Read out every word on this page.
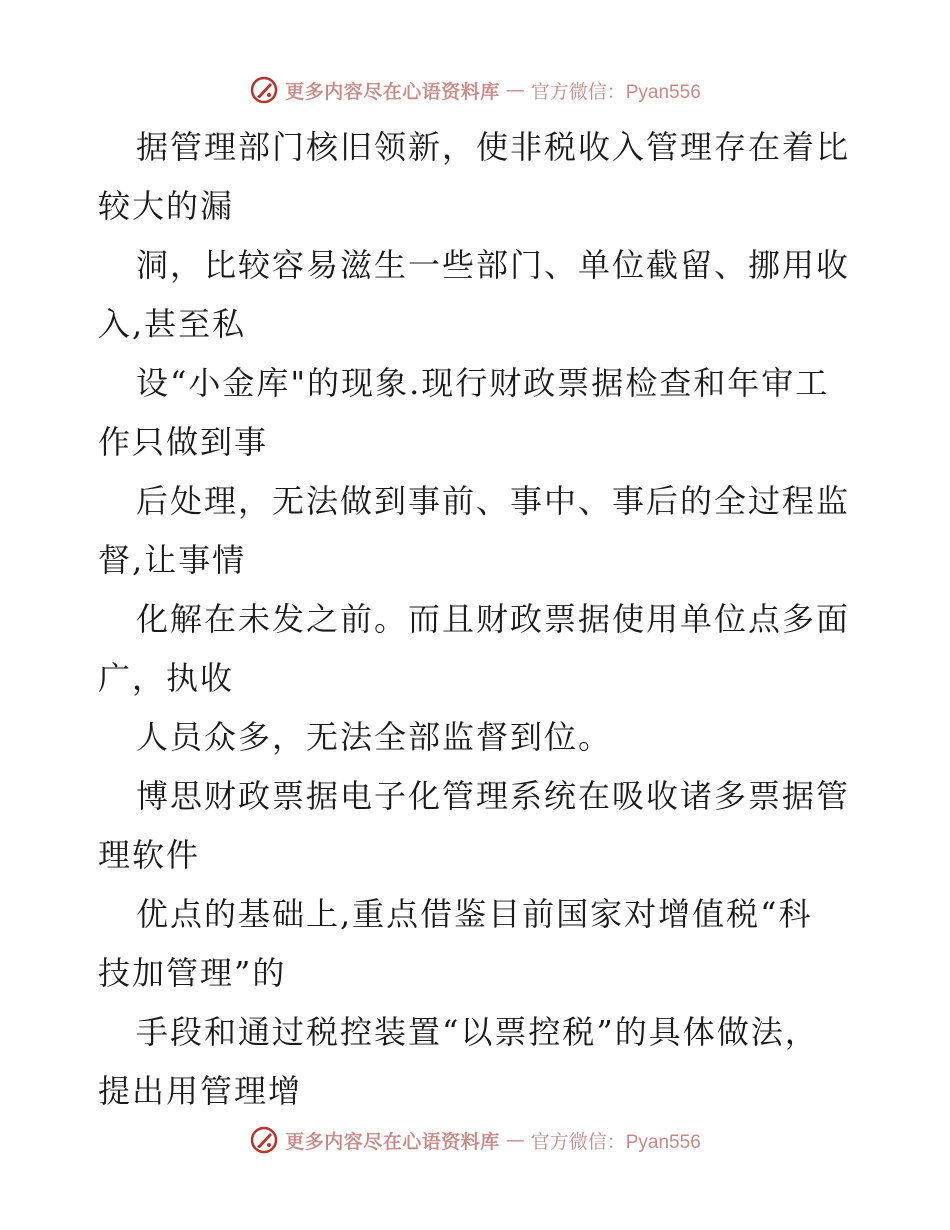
更多内容尽在心语资料库 — 官方微信：Pyan556
据管理部门核旧领新，使非税收入管理存在着比
较大的漏
洞，比较容易滋生一些部门、单位截留、挪用收
入,甚至私
设“小金库"的现象.现行财政票据检查和年审工
作只做到事
后处理，无法做到事前、事中、事后的全过程监
督,让事情
化解在未发之前。而且财政票据使用单位点多面
广，执收
人员众多，无法全部监督到位。
博思财政票据电子化管理系统在吸收诸多票据管
理软件
优点的基础上,重点借鉴目前国家对增值税“科
技加管理”的
手段和通过税控装置“以票控税”的具体做法，
提出用管理增
更多内容尽在心语资料库 — 官方微信：Pyan556
